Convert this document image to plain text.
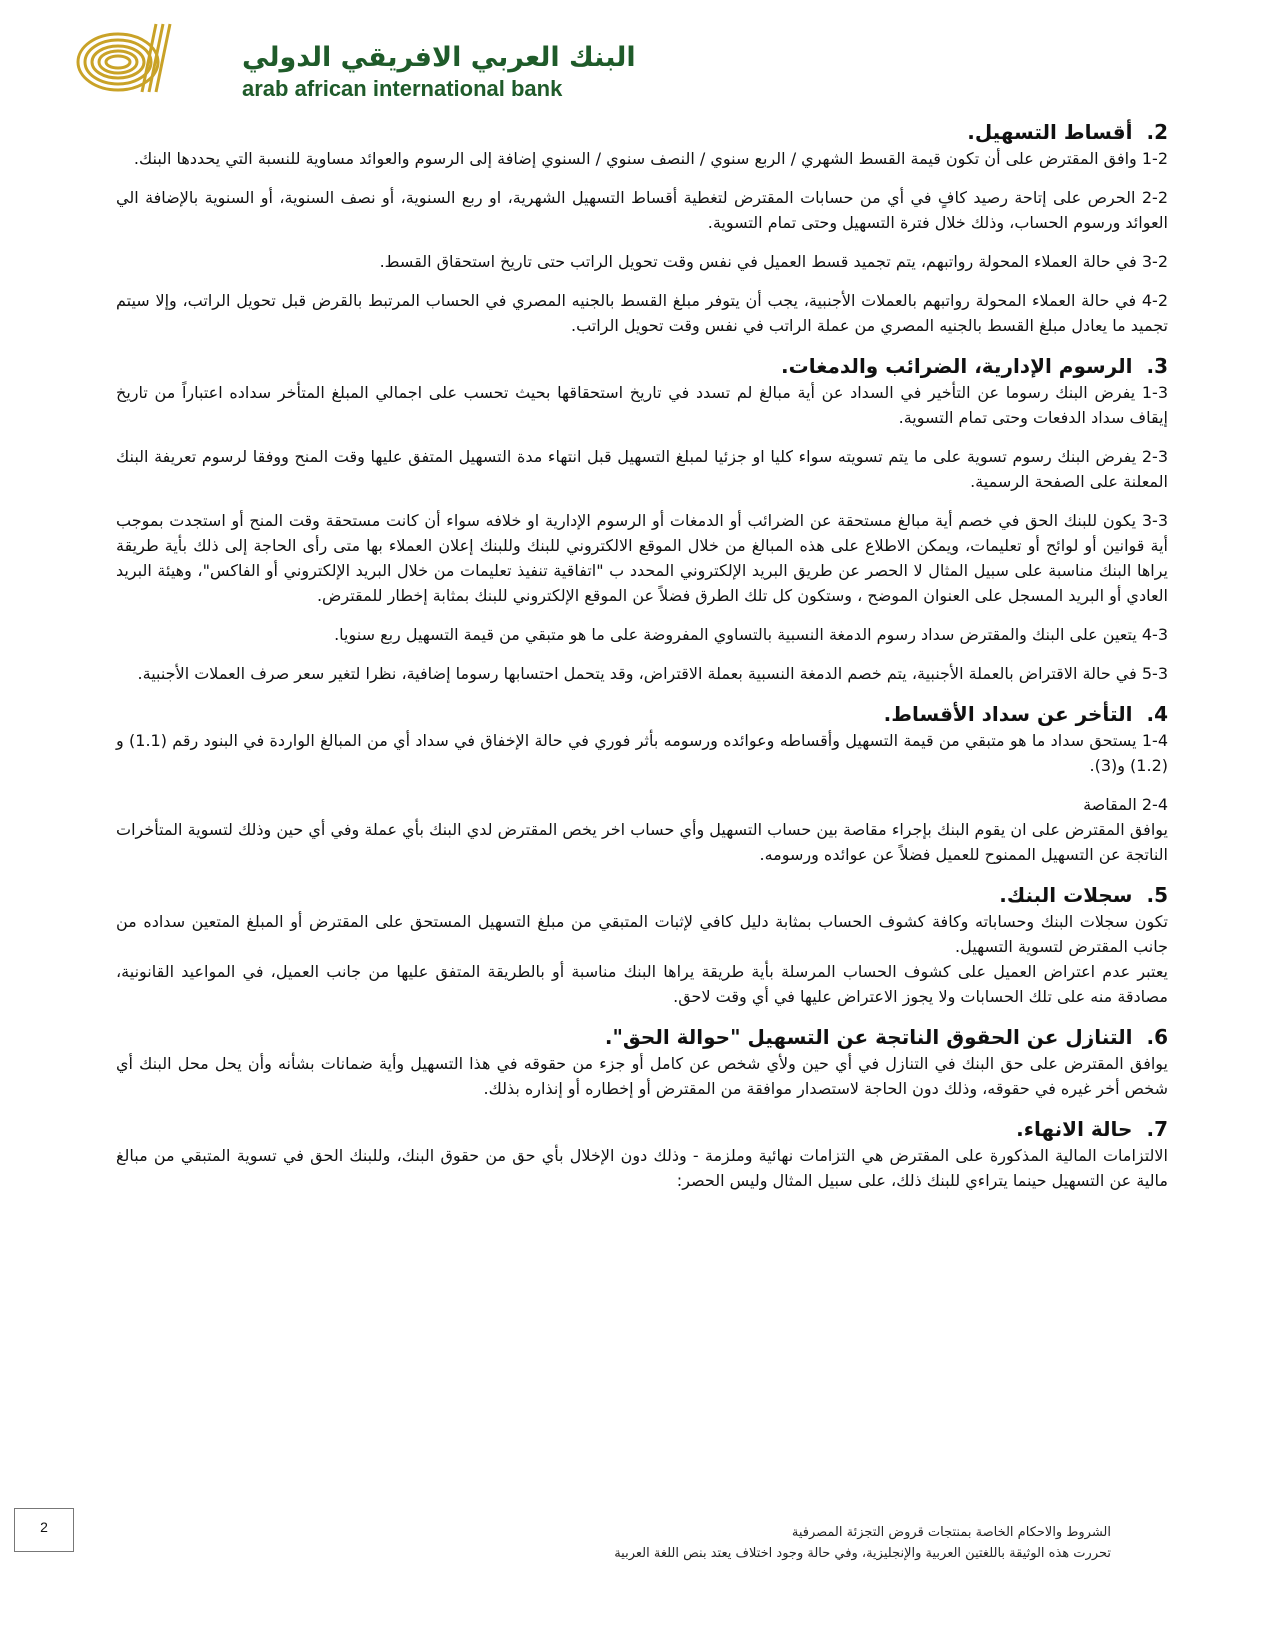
البنك العربي الافريقي الدولي
arab african international bank
2.أقساط التسهيل.

1-2 وافق المقترض على أن تكون قيمة القسط الشهري / الربع سنوي / النصف سنوي / السنوي إضافة إلى الرسوم والعوائد مساوية للنسبة التي يحددها البنك.

2-2 الحرص على إتاحة رصيد كافٍ في أي من حسابات المقترض لتغطية أقساط التسهيل الشهرية، او ربع السنوية، أو نصف السنوية، أو السنوية بالإضافة الي العوائد ورسوم الحساب، وذلك خلال فترة التسهيل وحتى تمام التسوية.

3-2 في حالة العملاء المحولة رواتبهم، يتم تجميد قسط العميل في نفس وقت تحويل الراتب حتى تاريخ استحقاق القسط.

4-2 في حالة العملاء المحولة رواتبهم بالعملات الأجنبية، يجب أن يتوفر مبلغ القسط بالجنيه المصري في الحساب المرتبط بالقرض قبل تحويل الراتب، وإلا سيتم تجميد ما يعادل مبلغ القسط بالجنيه المصري من عملة الراتب في نفس وقت تحويل الراتب.

3.الرسوم الإدارية، الضرائب والدمغات.

1-3 يفرض البنك رسوما عن التأخير في السداد عن أية مبالغ لم تسدد في تاريخ استحقاقها بحيث تحسب على اجمالي المبلغ المتأخر سداده اعتباراً من تاريخ إيقاف سداد الدفعات وحتى تمام التسوية.

2-3 يفرض البنك رسوم تسوية على ما يتم تسويته سواء كليا او جزئيا لمبلغ التسهيل قبل انتهاء مدة التسهيل المتفق عليها وقت المنح ووفقا لرسوم تعريفة البنك المعلنة على الصفحة الرسمية.

3-3 يكون للبنك الحق في خصم أية مبالغ مستحقة عن الضرائب أو الدمغات أو الرسوم الإدارية او خلافه سواء أن كانت مستحقة وقت المنح أو استجدت بموجب أية قوانين أو لوائح أو تعليمات، ويمكن الاطلاع على هذه المبالغ من خلال الموقع الالكتروني للبنك وللبنك إعلان العملاء بها متى رأى الحاجة إلى ذلك بأية طريقة يراها البنك مناسبة على سبيل المثال لا الحصر عن طريق البريد الإلكتروني المحدد ب "اتفاقية تنفيذ تعليمات من خلال البريد الإلكتروني أو الفاكس"، وهيئة البريد العادي أو البريد المسجل على العنوان الموضح ، وستكون كل تلك الطرق فضلاً عن الموقع الإلكتروني للبنك بمثابة إخطار للمقترض.

4-3 يتعين على البنك والمقترض سداد رسوم الدمغة النسبية بالتساوي المفروضة على ما هو متبقي من قيمة التسهيل ربع سنويا.

5-3 في حالة الاقتراض بالعملة الأجنبية، يتم خصم الدمغة النسبية بعملة الاقتراض، وقد يتحمل احتسابها رسوما إضافية، نظرا لتغير سعر صرف العملات الأجنبية.

4.التأخر عن سداد الأقساط.

1-4 يستحق سداد ما هو متبقي من قيمة التسهيل وأقساطه وعوائده ورسومه بأثر فوري في حالة الإخفاق في سداد أي من المبالغ الواردة في البنود رقم (1.1) و (1.2) و(3).

2-4 المقاصة

يوافق المقترض على ان يقوم البنك بإجراء مقاصة بين حساب التسهيل وأي حساب اخر يخص المقترض لدي البنك بأي عملة وفي أي حين وذلك لتسوية المتأخرات الناتجة عن التسهيل الممنوح للعميل فضلاً عن عوائده ورسومه.

5.سجلات البنك.

تكون سجلات البنك وحساباته وكافة كشوف الحساب بمثابة دليل كافي لإثبات المتبقي من مبلغ التسهيل المستحق على المقترض أو المبلغ المتعين سداده من جانب المقترض لتسوية التسهيل.

يعتبر عدم اعتراض العميل على كشوف الحساب المرسلة بأية طريقة يراها البنك مناسبة أو بالطريقة المتفق عليها من جانب العميل، في المواعيد القانونية، مصادقة منه على تلك الحسابات ولا يجوز الاعتراض عليها في أي وقت لاحق.

6.التنازل عن الحقوق الناتجة عن التسهيل "حوالة الحق".

يوافق المقترض على حق البنك في التنازل في أي حين ولأي شخص عن كامل أو جزء من حقوقه في هذا التسهيل وأية ضمانات بشأنه وأن يحل محل البنك أي شخص أخر غيره في حقوقه، وذلك دون الحاجة لاستصدار موافقة من المقترض أو إخطاره أو إنذاره بذلك.

7.حالة الانهاء.

الالتزامات المالية المذكورة على المقترض هي التزامات نهائية وملزمة - وذلك دون الإخلال بأي حق من حقوق البنك، وللبنك الحق في تسوية المتبقي من مبالغ مالية عن التسهيل حينما يتراءي للبنك ذلك، على سبيل المثال وليس الحصر:

2	الشروط والاحكام الخاصة بمنتجات قروض التجزئة المصرفية
تحررت هذه الوثيقة باللغتين العربية والإنجليزية، وفي حالة وجود اختلاف يعتد بنص اللغة العربية
